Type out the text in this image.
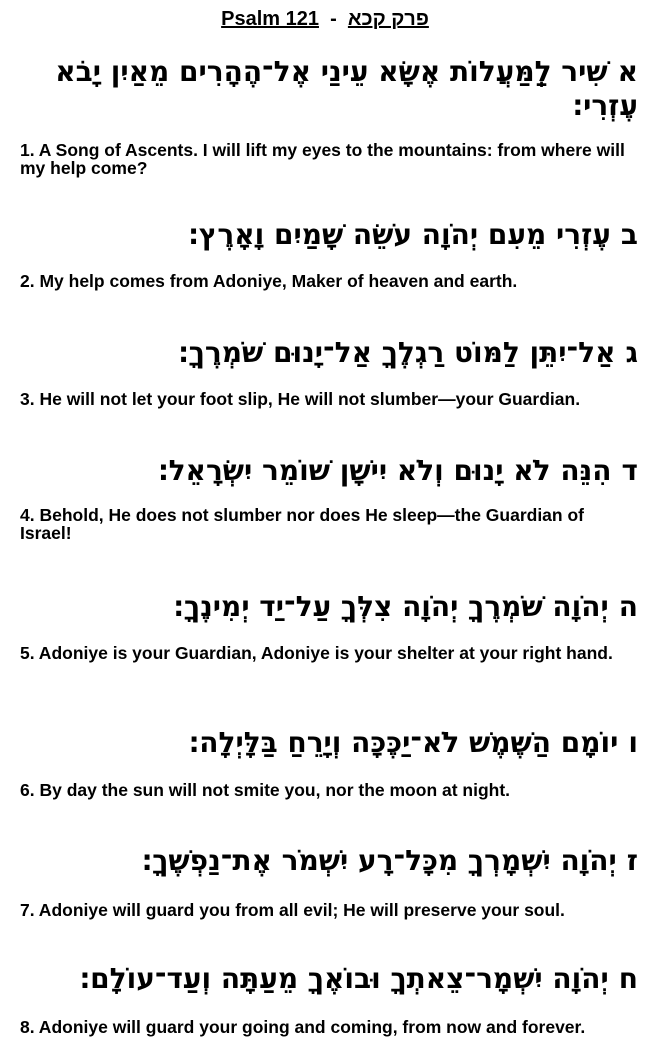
Psalm 121 - פרק קכא
אשִׁיר לַֽמַּעֲלוֹת אֶשָּׂא עֵינַי אֶל־הֶהָרִים מֵאַיִן יָבֹא עֶזְרִי׃
1. A Song of Ascents. I will lift my eyes to the mountains: from where will my help come?
בעֶזְרִי מֵעִם יְהֹוָה עֹשֵׂה שָׁמַיִם וָאָרֶץ׃
2. My help comes from Adoniye, Maker of heaven and earth.
גאַל־יִתֵּן לַמּוֹט רַגְלֶךָ אַל־יָנוּם שֹׁמְרֶךָ׃
3. He will not let your foot slip, He will not slumber—your Guardian.
דהִנֵּה לֹא יָנוּם וְלֹא יִישָׁן שׁוֹמֵר יִשְׂרָאֵל׃
4. Behold, He does not slumber nor does He sleep—the Guardian of Israel!
היְהֹוָה שֹׁמְרֶךָ יְהֹוָה צִלְּךָ עַל־יַד יְמִינֶךָ׃
5. Adoniye is your Guardian, Adoniye is your shelter at your right hand.
ויוֹמָם הַשֶּׁמֶשׁ לֹא־יַכֶּכָּה וְיָרֵחַ בַּלָּיְלָה׃
6. By day the sun will not smite you, nor the moon at night.
זיְהֹוָה יִשְׁמָרְךָ מִכָּל־רָע יִשְׁמֹר אֶת־נַפְשֶׁךָ׃
7. Adoniye will guard you from all evil; He will preserve your soul.
חיְהֹוָה יִשְׁמָר־צֵאתְךָ וּבוֹאֶךָ מֵעַתָּה וְעַד־עוֹלָם׃
8. Adoniye will guard your going and coming, from now and forever.
